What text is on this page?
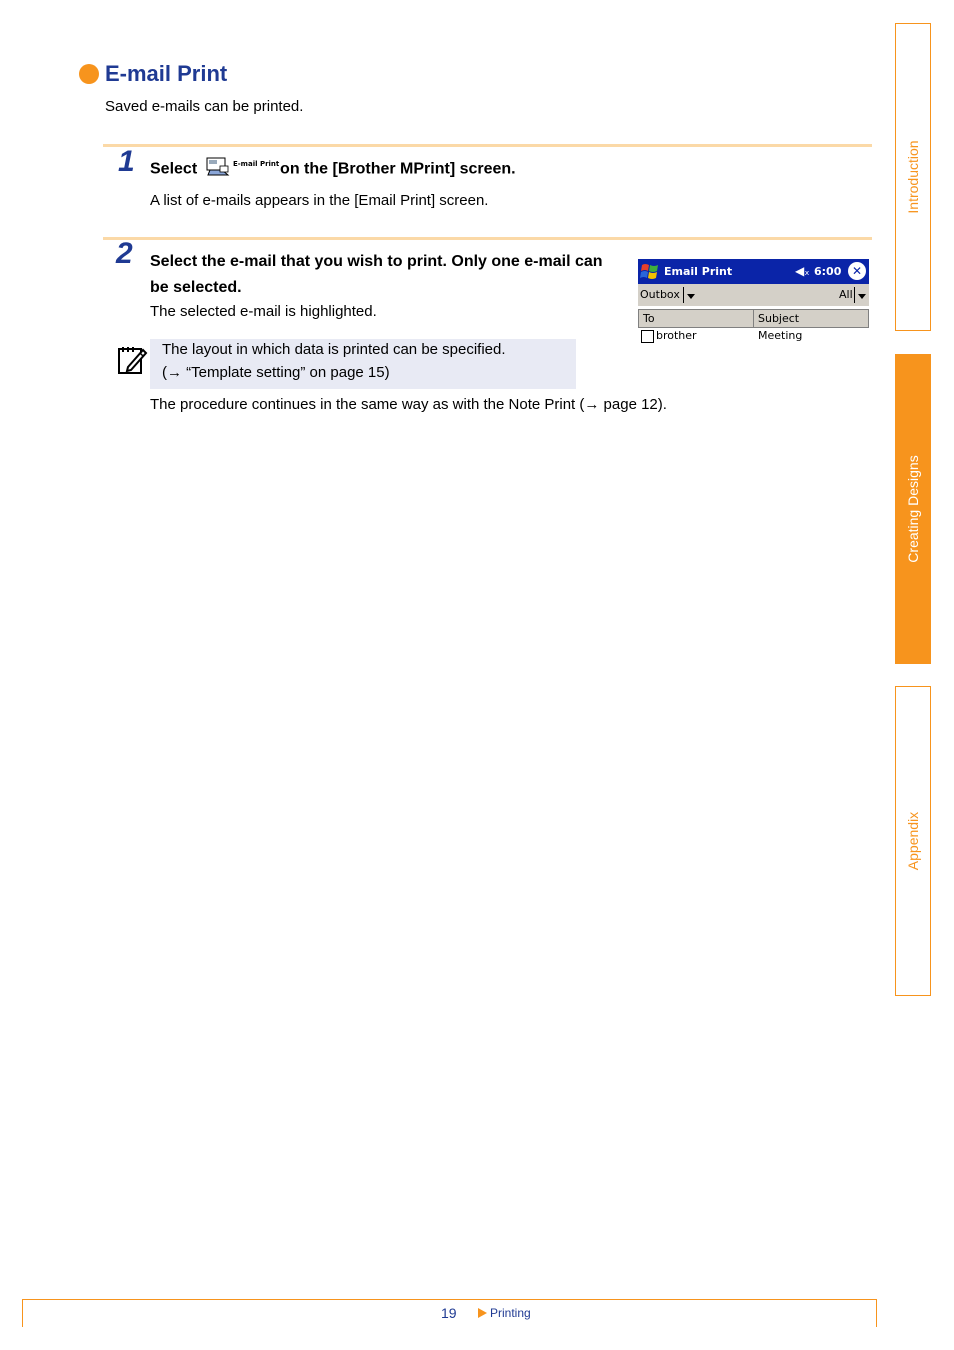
E-mail Print
Saved e-mails can be printed.
1 Select	E-mail Print on the [Brother MPrint] screen.
A list of e-mails appears in the [Email Print] screen.
2 Select the e-mail that you wish to print. Only one e-mail can be selected.
The selected e-mail is highlighted.
The layout in which data is printed can be specified.
(→ “Template setting” on page 15)
The procedure continues in the same way as with the Note Print (→ page 12).
Email Print	◀ₓ 6:00 ✕
Outbox	All
To	Subject
brother	Meeting
Introduction
Creating Designs
Appendix
19	Printing
